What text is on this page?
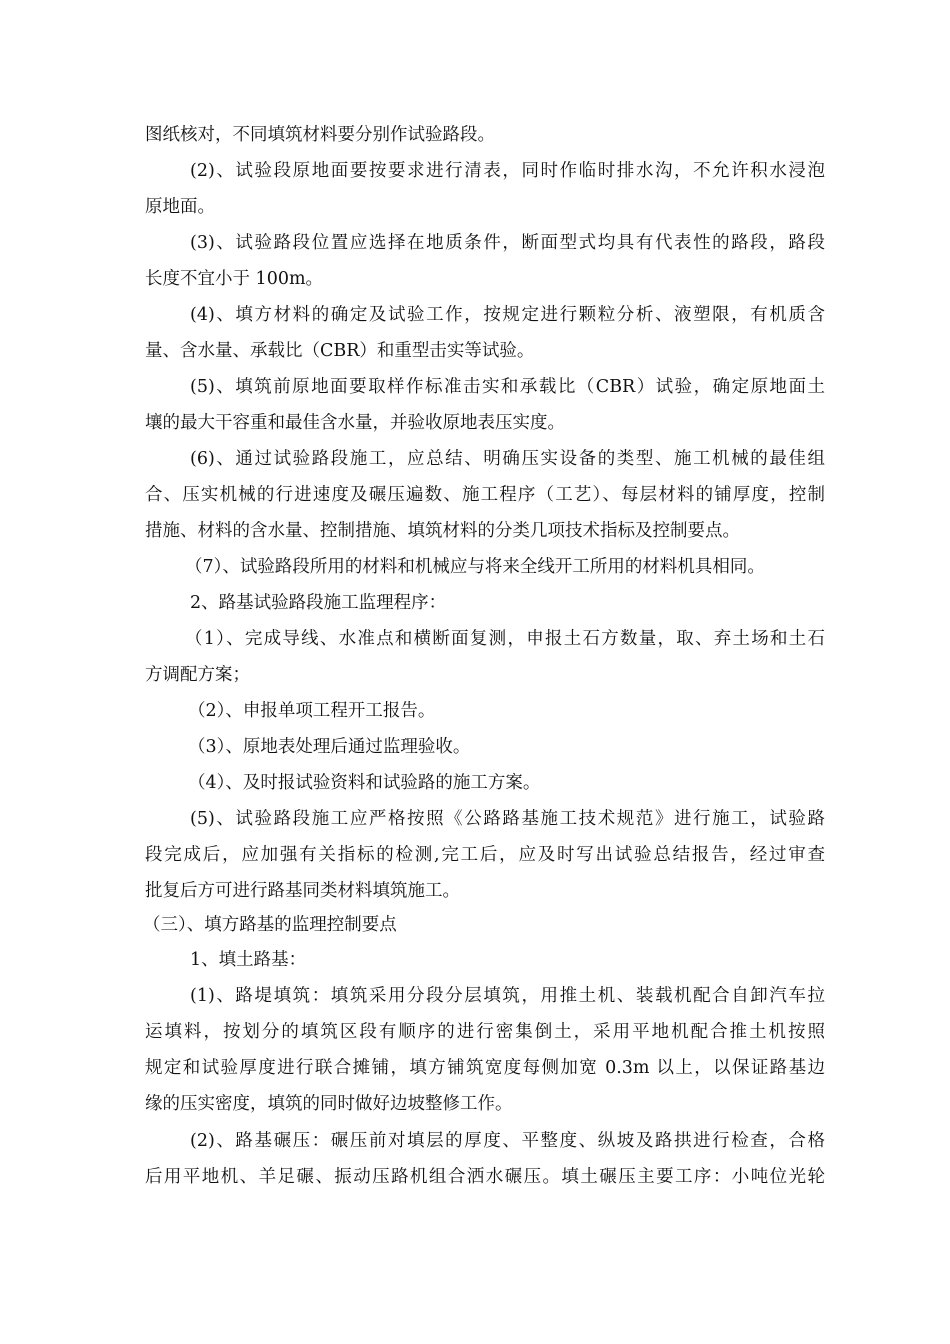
图纸核对，不同填筑材料要分别作试验路段。
(2)、试验段原地面要按要求进行清表，同时作临时排水沟，不允许积水浸泡
原地面。
(3)、试验路段位置应选择在地质条件，断面型式均具有代表性的路段，路段
长度不宜小于 100m。
(4)、填方材料的确定及试验工作，按规定进行颗粒分析、液塑限，有机质含
量、含水量、承载比（CBR）和重型击实等试验。
(5)、填筑前原地面要取样作标准击实和承载比（CBR）试验，确定原地面土
壤的最大干容重和最佳含水量，并验收原地表压实度。
(6)、通过试验路段施工，应总结、明确压实设备的类型、施工机械的最佳组
合、压实机械的行进速度及碾压遍数、施工程序（工艺）、每层材料的铺厚度，控制
措施、材料的含水量、控制措施、填筑材料的分类几项技术指标及控制要点。
（7）、试验路段所用的材料和机械应与将来全线开工所用的材料机具相同。
2、路基试验路段施工监理程序：
（1）、完成导线、水准点和横断面复测，申报土石方数量，取、弃土场和土石
方调配方案；
（2）、申报单项工程开工报告。
（3）、原地表处理后通过监理验收。
（4）、及时报试验资料和试验路的施工方案。
(5)、试验路段施工应严格按照《公路路基施工技术规范》进行施工，试验路
段完成后，应加强有关指标的检测,完工后，应及时写出试验总结报告，经过审查
批复后方可进行路基同类材料填筑施工。
（三）、填方路基的监理控制要点
1、填土路基：
(1)、路堤填筑：填筑采用分段分层填筑，用推土机、装载机配合自卸汽车拉
运填料，按划分的填筑区段有顺序的进行密集倒土，采用平地机配合推土机按照
规定和试验厚度进行联合摊铺，填方铺筑宽度每侧加宽 0.3m 以上，以保证路基边
缘的压实密度，填筑的同时做好边坡整修工作。
(2)、路基碾压：碾压前对填层的厚度、平整度、纵坡及路拱进行检查，合格
后用平地机、羊足碾、振动压路机组合洒水碾压。填土碾压主要工序：小吨位光轮
